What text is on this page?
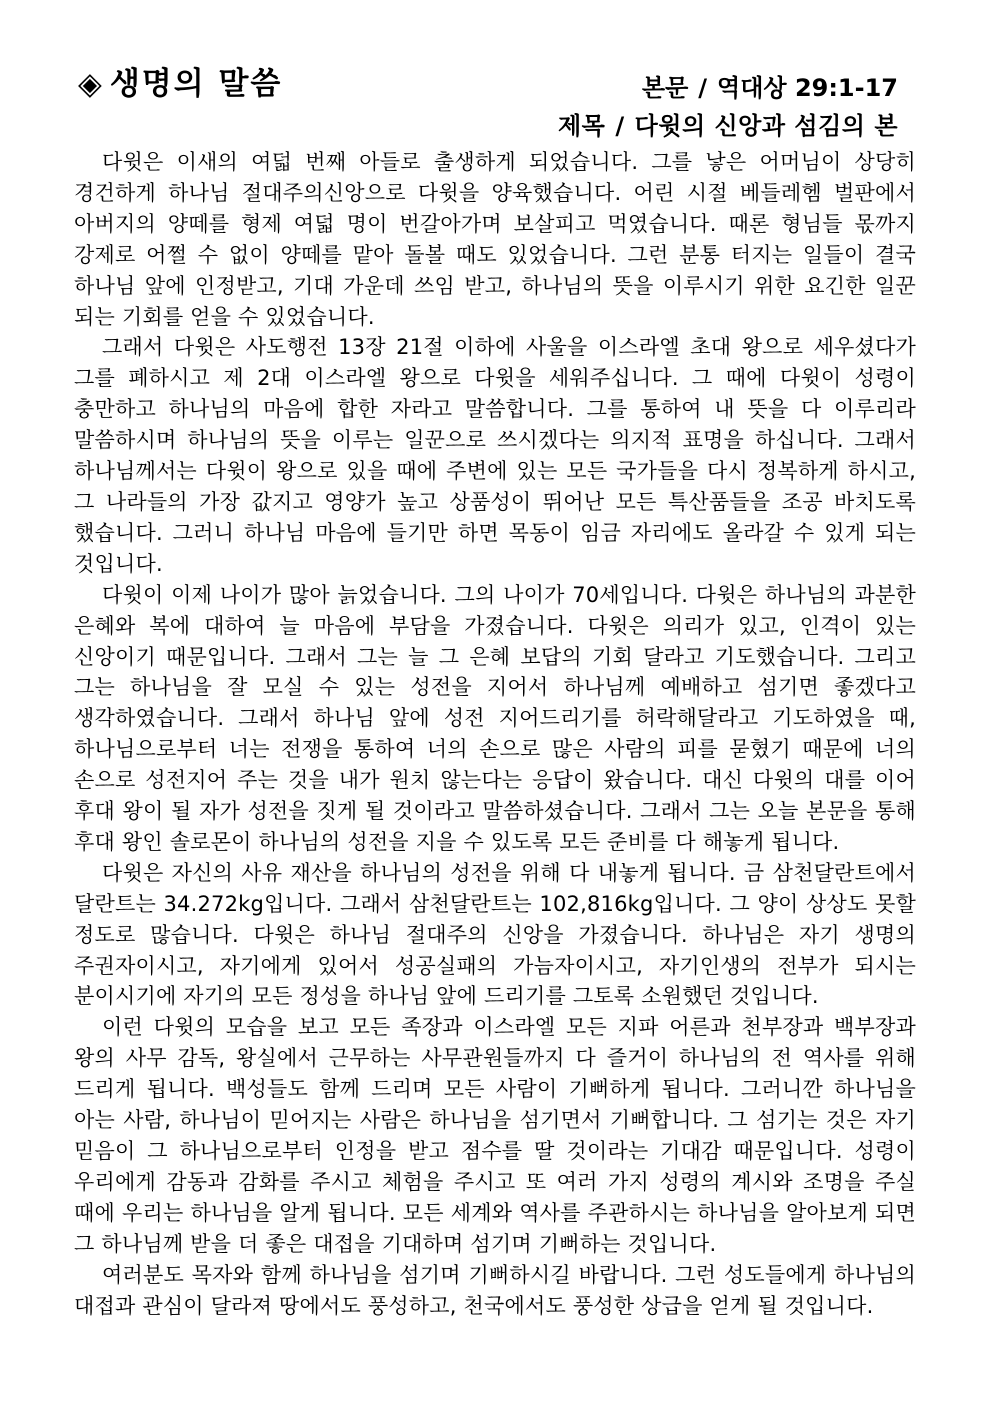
◈ 생명의 말씀	본문 / 역대상 29:1-17
제목 / 다윗의 신앙과 섬김의 본

다윗은 이새의 여덟 번째 아들로 출생하게 되었습니다. 그를 낳은 어머님이 상당히 경건하게 하나님 절대주의신앙으로 다윗을 양육했습니다. 어린 시절 베들레헴 벌판에서 아버지의 양떼를 형제 여덟 명이 번갈아가며 보살피고 먹였습니다. 때론 형님들 몫까지 강제로 어쩔 수 없이 양떼를 맡아 돌볼 때도 있었습니다. 그런 분통 터지는 일들이 결국 하나님 앞에 인정받고, 기대 가운데 쓰임 받고, 하나님의 뜻을 이루시기 위한 요긴한 일꾼 되는 기회를 얻을 수 있었습니다.

그래서 다윗은 사도행전 13장 21절 이하에 사울을 이스라엘 초대 왕으로 세우셨다가 그를 폐하시고 제 2대 이스라엘 왕으로 다윗을 세워주십니다. 그 때에 다윗이 성령이 충만하고 하나님의 마음에 합한 자라고 말씀합니다. 그를 통하여 내 뜻을 다 이루리라 말씀하시며 하나님의 뜻을 이루는 일꾼으로 쓰시겠다는 의지적 표명을 하십니다. 그래서 하나님께서는 다윗이 왕으로 있을 때에 주변에 있는 모든 국가들을 다시 정복하게 하시고, 그 나라들의 가장 값지고 영양가 높고 상품성이 뛰어난 모든 특산품들을 조공 바치도록 했습니다. 그러니 하나님 마음에 들기만 하면 목동이 임금 자리에도 올라갈 수 있게 되는 것입니다.

다윗이 이제 나이가 많아 늙었습니다. 그의 나이가 70세입니다. 다윗은 하나님의 과분한 은혜와 복에 대하여 늘 마음에 부담을 가졌습니다. 다윗은 의리가 있고, 인격이 있는 신앙이기 때문입니다. 그래서 그는 늘 그 은혜 보답의 기회 달라고 기도했습니다. 그리고 그는 하나님을 잘 모실 수 있는 성전을 지어서 하나님께 예배하고 섬기면 좋겠다고 생각하였습니다. 그래서 하나님 앞에 성전 지어드리기를 허락해달라고 기도하였을 때, 하나님으로부터 너는 전쟁을 통하여 너의 손으로 많은 사람의 피를 묻혔기 때문에 너의 손으로 성전지어 주는 것을 내가 원치 않는다는 응답이 왔습니다. 대신 다윗의 대를 이어 후대 왕이 될 자가 성전을 짓게 될 것이라고 말씀하셨습니다. 그래서 그는 오늘 본문을 통해 후대 왕인 솔로몬이 하나님의 성전을 지을 수 있도록 모든 준비를 다 해놓게 됩니다.

다윗은 자신의 사유 재산을 하나님의 성전을 위해 다 내놓게 됩니다. 금 삼천달란트에서 달란트는 34.272kg입니다. 그래서 삼천달란트는 102,816kg입니다. 그 양이 상상도 못할 정도로 많습니다. 다윗은 하나님 절대주의 신앙을 가졌습니다. 하나님은 자기 생명의 주권자이시고, 자기에게 있어서 성공실패의 가늠자이시고, 자기인생의 전부가 되시는 분이시기에 자기의 모든 정성을 하나님 앞에 드리기를 그토록 소원했던 것입니다.

이런 다윗의 모습을 보고 모든 족장과 이스라엘 모든 지파 어른과 천부장과 백부장과 왕의 사무 감독, 왕실에서 근무하는 사무관원들까지 다 즐거이 하나님의 전 역사를 위해 드리게 됩니다. 백성들도 함께 드리며 모든 사람이 기뻐하게 됩니다. 그러니깐 하나님을 아는 사람, 하나님이 믿어지는 사람은 하나님을 섬기면서 기뻐합니다. 그 섬기는 것은 자기 믿음이 그 하나님으로부터 인정을 받고 점수를 딸 것이라는 기대감 때문입니다. 성령이 우리에게 감동과 감화를 주시고 체험을 주시고 또 여러 가지 성령의 계시와 조명을 주실 때에 우리는 하나님을 알게 됩니다. 모든 세계와 역사를 주관하시는 하나님을 알아보게 되면 그 하나님께 받을 더 좋은 대접을 기대하며 섬기며 기뻐하는 것입니다.

여러분도 목자와 함께 하나님을 섬기며 기뻐하시길 바랍니다. 그런 성도들에게 하나님의 대접과 관심이 달라져 땅에서도 풍성하고, 천국에서도 풍성한 상급을 얻게 될 것입니다.
